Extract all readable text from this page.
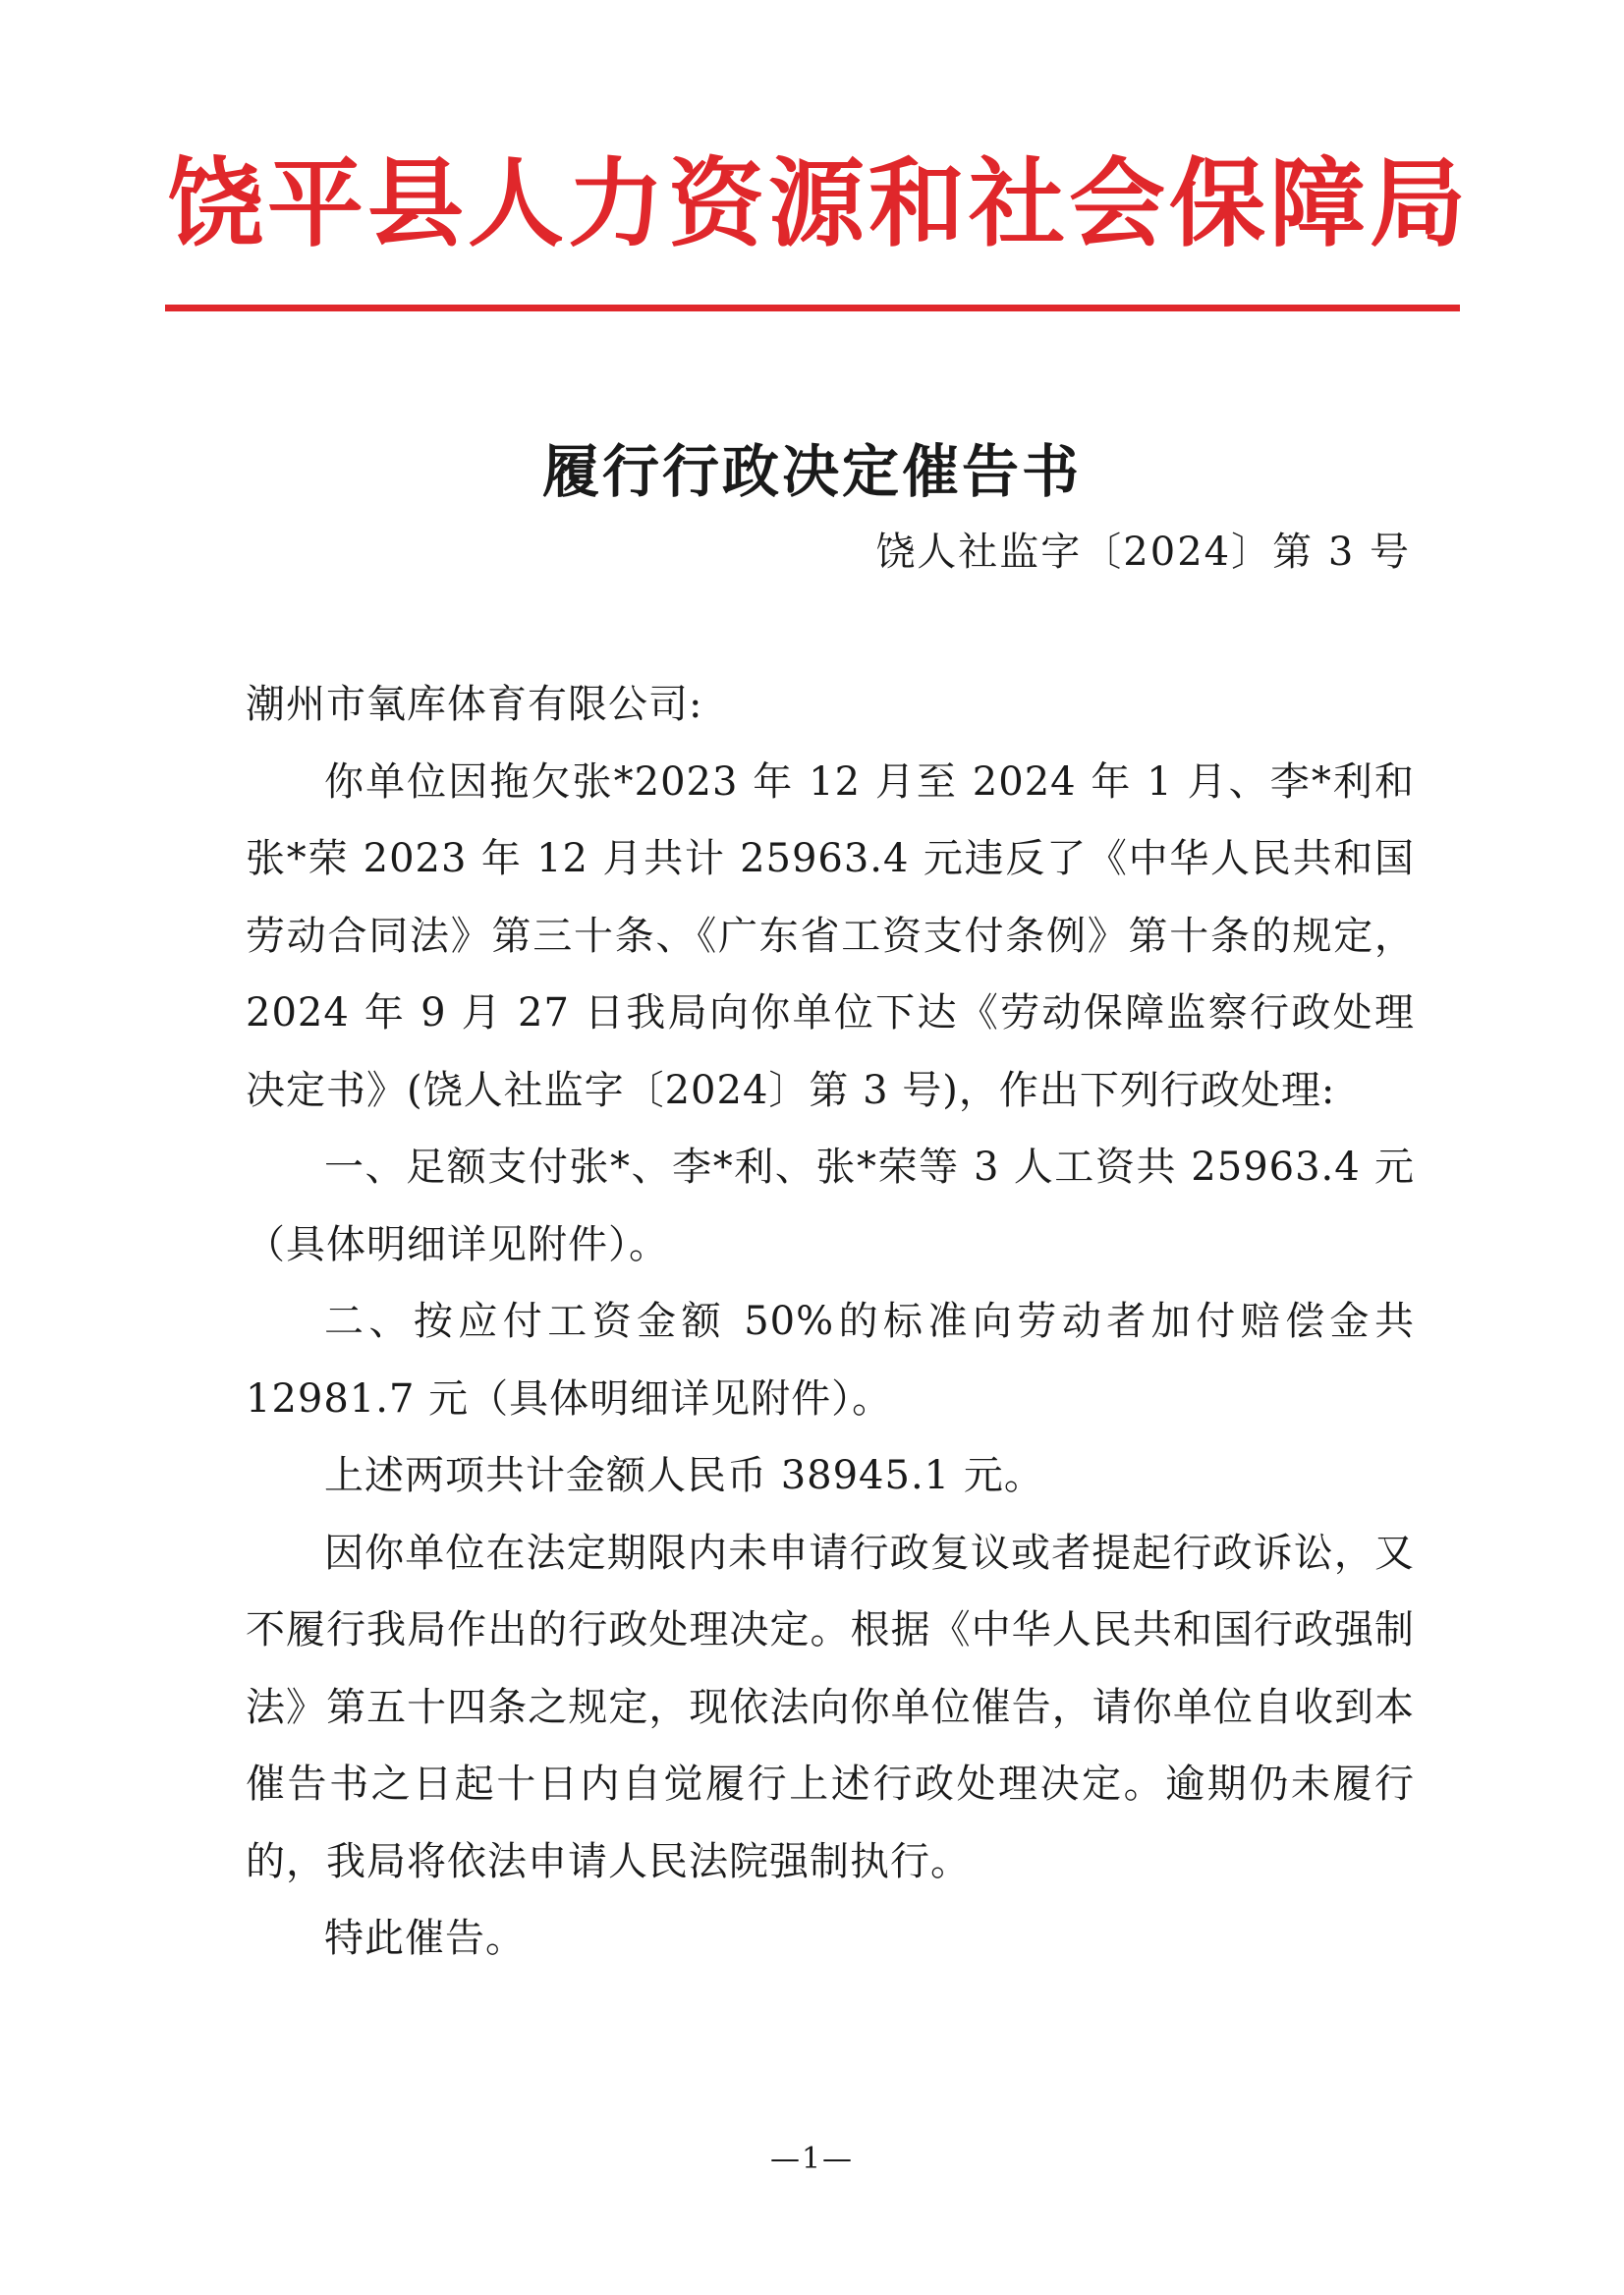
饶平县人力资源和社会保障局
履行行政决定催告书
饶人社监字〔2024〕第 3 号

潮州市氧库体育有限公司:

你单位因拖欠张*2023 年 12 月至 2024 年 1 月、李*利和张*荣 2023 年 12 月共计 25963.4 元违反了《中华人民共和国劳动合同法》第三十条、《广东省工资支付条例》第十条的规定，2024 年 9 月 27 日我局向你单位下达《劳动保障监察行政处理决定书》(饶人社监字〔2024〕第 3 号)，作出下列行政处理:

一、足额支付张*、李*利、张*荣等 3 人工资共 25963.4 元（具体明细详见附件）。

二、按应付工资金额 50%的标准向劳动者加付赔偿金共 12981.7 元（具体明细详见附件）。

上述两项共计金额人民币 38945.1 元。

因你单位在法定期限内未申请行政复议或者提起行政诉讼，又不履行我局作出的行政处理决定。根据《中华人民共和国行政强制法》第五十四条之规定，现依法向你单位催告，请你单位自收到本催告书之日起十日内自觉履行上述行政处理决定。逾期仍未履行的，我局将依法申请人民法院强制执行。

特此催告。

—1—
